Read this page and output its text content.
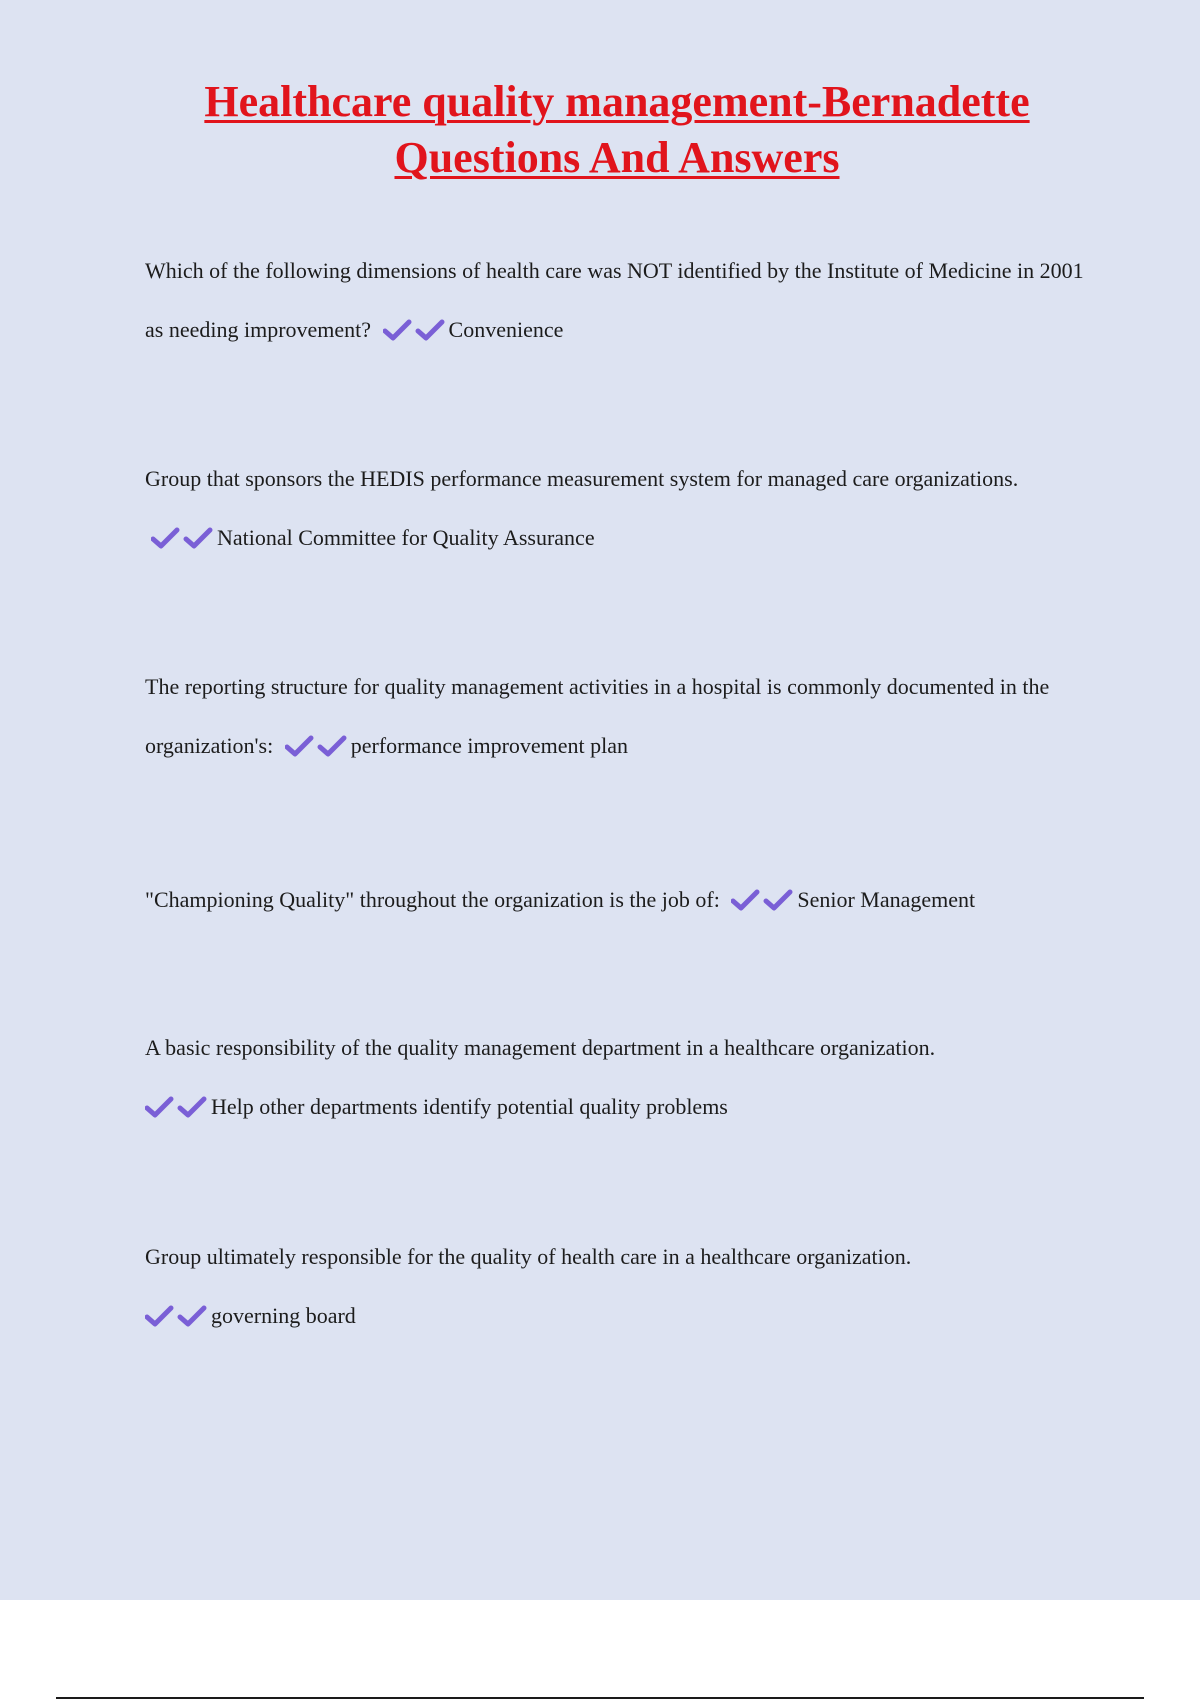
Healthcare quality management-Bernadette
Questions And Answers
Which of the following dimensions of health care was NOT identified by the Institute of Medicine in 2001 as needing improvement?	Convenience
Group that sponsors the HEDIS performance measurement system for managed care organizations.
National Committee for Quality Assurance
The reporting structure for quality management activities in a hospital is commonly documented in the organization's:	performance improvement plan
"Championing Quality" throughout the organization is the job of:	Senior Management
A basic responsibility of the quality management department in a healthcare organization.

Help other departments identify potential quality problems
Group ultimately responsible for the quality of health care in a healthcare organization.

governing board
